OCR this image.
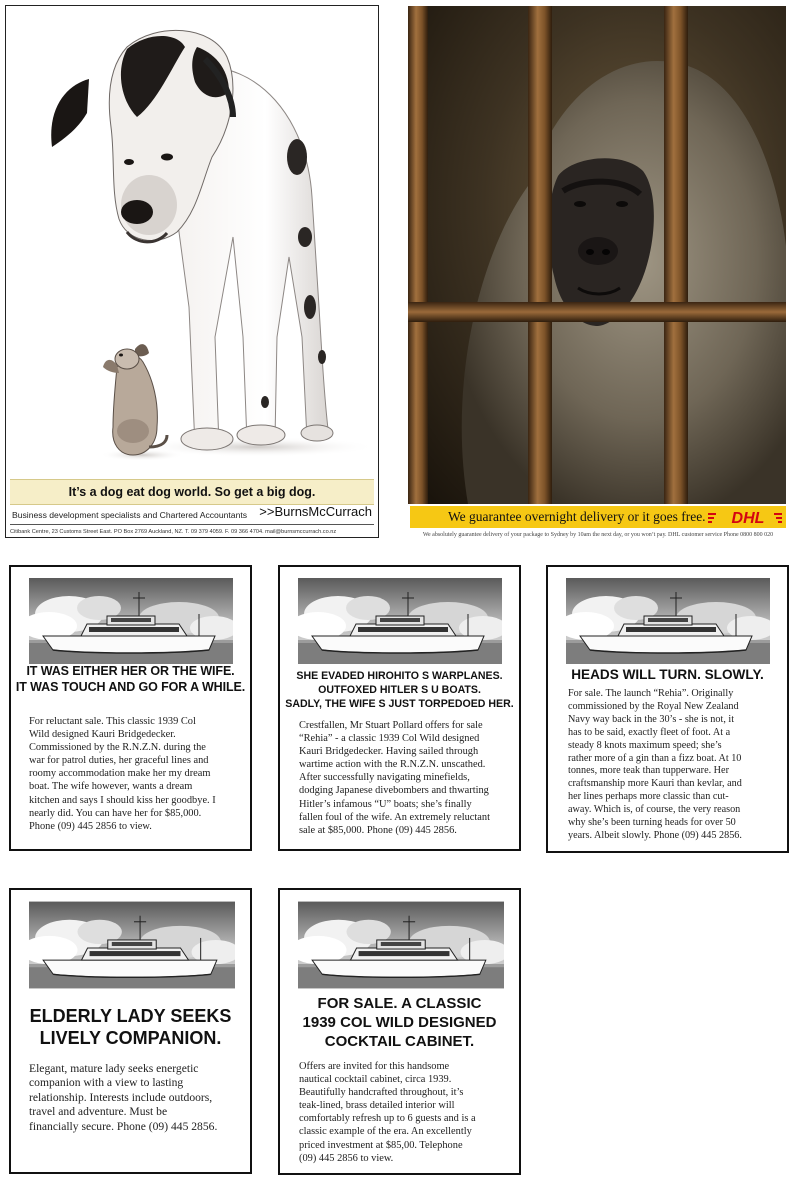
It’s a dog eat dog world. So get a big dog.
Business development specialists and Chartered Accountants >>BurnsMcCurrach
Citibank Centre, 23 Customs Street East. PO Box 2769 Auckland, NZ. T. 09 379 4059. F. 09 366 4704. mail@burnsmccurrach.co.nz
We guarantee overnight delivery or it goes free. DHL
We absolutely guarantee delivery of your package to Sydney by 10am the next day, or you won’t pay. DHL customer service Phone 0800 800 020
IT WAS EITHER HER OR THE WIFE.
IT WAS TOUCH AND GO FOR A WHILE.
For reluctant sale. This classic 1939 Col
Wild designed Kauri Bridgedecker.
Commissioned by the R.N.Z.N. during the
war for patrol duties, her graceful lines and
roomy accommodation make her my dream
boat. The wife however, wants a dream
kitchen and says I should kiss her goodbye. I
nearly did. You can have her for $85,000.
Phone (09) 445 2856 to view.
SHE EVADED HIROHITO S WARPLANES.
OUTFOXED HITLER S U BOATS.
SADLY, THE WIFE S JUST TORPEDOED HER.
Crestfallen, Mr Stuart Pollard offers for sale
“Rehia” - a classic 1939 Col Wild designed
Kauri Bridgedecker. Having sailed through
wartime action with the R.N.Z.N. unscathed.
After successfully navigating minefields,
dodging Japanese divebombers and thwarting
Hitler’s infamous “U” boats; she’s finally
fallen foul of the wife. An extremely reluctant
sale at $85,000. Phone (09) 445 2856.
HEADS WILL TURN. SLOWLY.
For sale. The launch “Rehia”. Originally
commissioned by the Royal New Zealand
Navy way back in the 30’s - she is not, it
has to be said, exactly fleet of foot. At a
steady 8 knots maximum speed; she’s
rather more of a gin than a fizz boat. At 10
tonnes, more teak than tupperware. Her
craftsmanship more Kauri than kevlar, and
her lines perhaps more classic than cut-
away. Which is, of course, the very reason
why she’s been turning heads for over 50
years. Albeit slowly. Phone (09) 445 2856.
ELDERLY LADY SEEKS
LIVELY COMPANION.
Elegant, mature lady seeks energetic
companion with a view to lasting
relationship. Interests include outdoors,
travel and adventure. Must be
financially secure. Phone (09) 445 2856.
FOR SALE. A CLASSIC
1939 COL WILD DESIGNED
COCKTAIL CABINET.
Offers are invited for this handsome
nautical cocktail cabinet, circa 1939.
Beautifully handcrafted throughout, it’s
teak-lined, brass detailed interior will
comfortably refresh up to 6 guests and is a
classic example of the era. An excellently
priced investment at $85,00. Telephone
(09) 445 2856 to view.
